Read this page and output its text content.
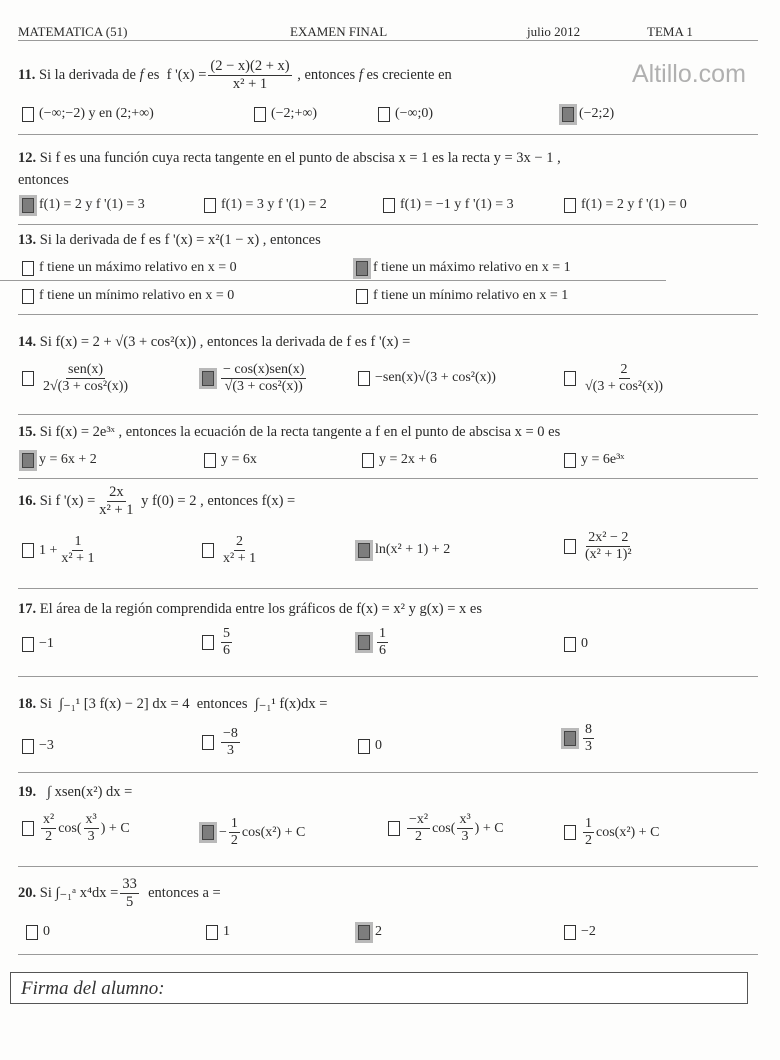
MATEMATICA (51)	EXAMEN FINAL	julio 2012	TEMA 1
Altillo.com
11.
Si la derivada de
f
es
f '$(x) = \frac{(2 - x)(2 + x)}{\text{x² + 1}}$
, entonces
f
es creciente en
(−∞;−2) y en (2;+∞)	(−2;+∞)	(−∞;0)	(−2;2)
12. Si f es una función cuya recta tangente en el punto de abscisa x = 1 es la recta y = 3x − 1 ,
entonces
f(1) = 2 y f '(1) = 3	f(1) = 3 y f '(1) = 2	f(1) = −1 y f '(1) = 3	f(1) = 2 y f '(1) = 0
13. Si la derivada de f es f '(x) = x²(1 − x) , entonces
f tiene un máximo relativo en x = 0	f tiene un máximo relativo en x = 1
f tiene un mínimo relativo en x = 0	f tiene un mínimo relativo en x = 1
14. Si f(x) = 2 + √(3 + cos²(x)) , entonces la derivada de f es f '(x) =
$\frac{\text{sen(x)}}{\text{2√(3 + cos²(x))}}$	$\frac{\text{− cos(x)sen(x)}}{\text{√(3 + cos²(x))}}$	−sen(x)√(3 + cos²(x))	$\frac{2}{\text{√(3 + cos²(x))}}$
15. Si f(x) = 2e³ˣ , entonces la ecuación de la recta tangente a f en el punto de abscisa x = 0 es
y = 6x + 2	y = 6x	y = 2x + 6	y = 6e³ˣ
16.
Si f '$(x) = \frac{2x}{\text{x² + 1}}$
y f(0) = 2 , entonces f(x) =
$1 + \frac{1}{\text{x² + 1}}$	$\frac{2}{\text{x² + 1}}$	ln(x² + 1) + 2	$\frac{\text{2x² − 2}}{\text{(x² + 1)²}}$
17. El área de la región comprendida entre los gráficos de f(x) = x² y g(x) = x es
−1	$\frac{5}{6}$	$\frac{1}{6}$	0
18. Si ∫₋₁¹ [3 f(x) − 2] dx = 4 entonces ∫₋₁¹ f(x)dx =
−3	$\frac{-8}{3}$	0	$\frac{8}{3}$
19. ∫ xsen(x²) dx =
$\frac{\text{x²}}{2}$ cos ( $\frac{\text{x³}}{3}$ ) + C	− $\frac{1}{2} \cos(x^2) + C$	$\frac{\text{−x²}}{2}$ cos ( $\frac{\text{x³}}{3}$ ) + C	$\frac{1}{2} \cos(x^2) + C$
20.
Si
∫₋₁ᵃ $x^4dx = \frac{33}{5}$
entonces a =
0	1	2	−2
Firma del alumno:
